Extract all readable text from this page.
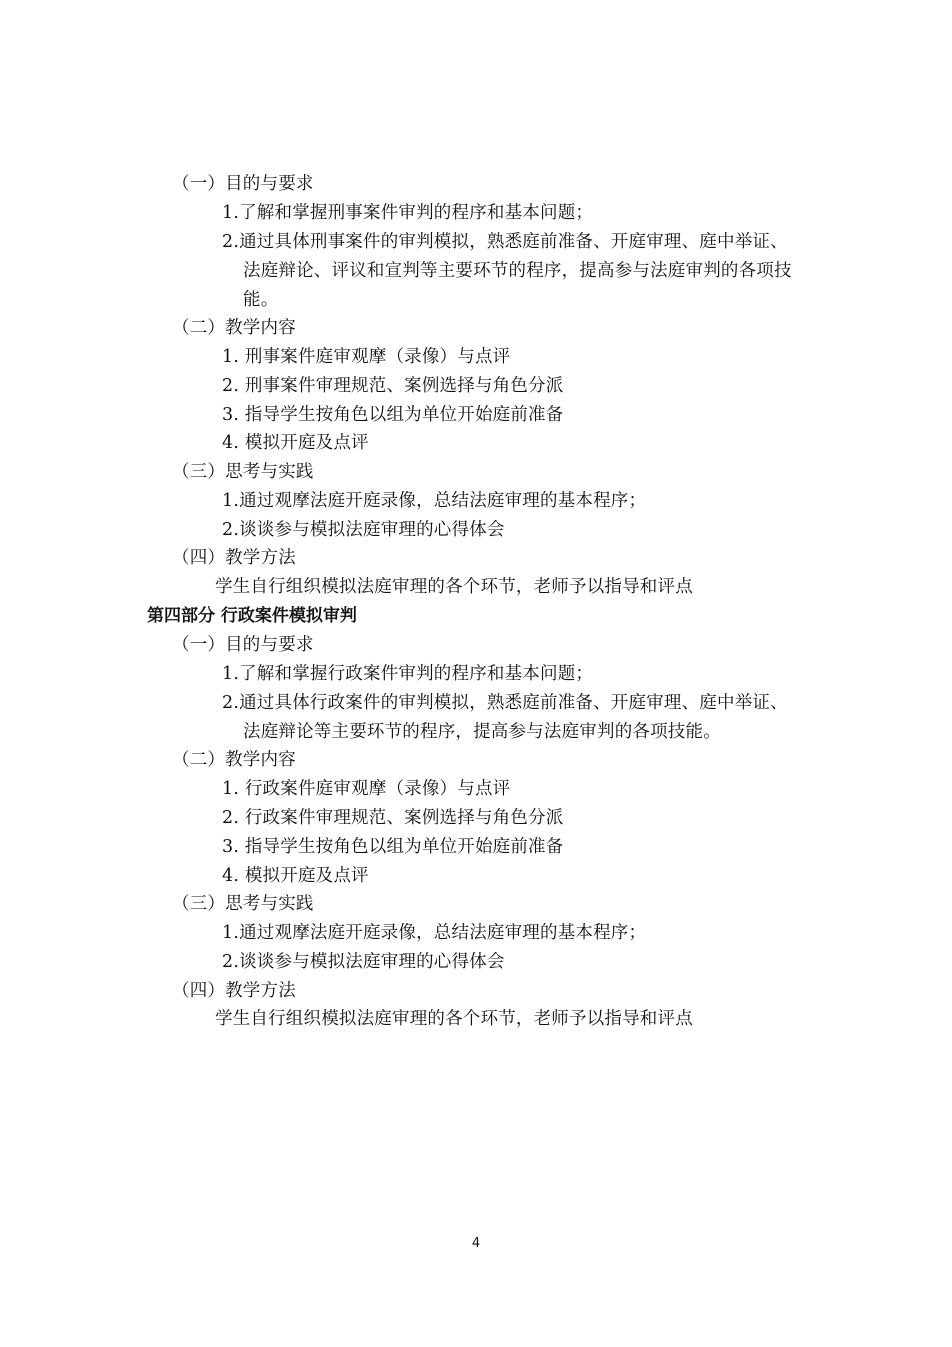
（一）目的与要求
1.了解和掌握刑事案件审判的程序和基本问题；
2.通过具体刑事案件的审判模拟，熟悉庭前准备、开庭审理、庭中举证、
法庭辩论、评议和宣判等主要环节的程序，提高参与法庭审判的各项技
能。
（二）教学内容
1. 刑事案件庭审观摩（录像）与点评
2. 刑事案件审理规范、案例选择与角色分派
3. 指导学生按角色以组为单位开始庭前准备
4. 模拟开庭及点评
（三）思考与实践
1.通过观摩法庭开庭录像，总结法庭审理的基本程序；
2.谈谈参与模拟法庭审理的心得体会
（四）教学方法
学生自行组织模拟法庭审理的各个环节，老师予以指导和评点
第四部分 行政案件模拟审判
（一）目的与要求
1.了解和掌握行政案件审判的程序和基本问题；
2.通过具体行政案件的审判模拟，熟悉庭前准备、开庭审理、庭中举证、
法庭辩论等主要环节的程序，提高参与法庭审判的各项技能。
（二）教学内容
1. 行政案件庭审观摩（录像）与点评
2. 行政案件审理规范、案例选择与角色分派
3. 指导学生按角色以组为单位开始庭前准备
4. 模拟开庭及点评
（三）思考与实践
1.通过观摩法庭开庭录像，总结法庭审理的基本程序；
2.谈谈参与模拟法庭审理的心得体会
（四）教学方法
学生自行组织模拟法庭审理的各个环节，老师予以指导和评点
4
